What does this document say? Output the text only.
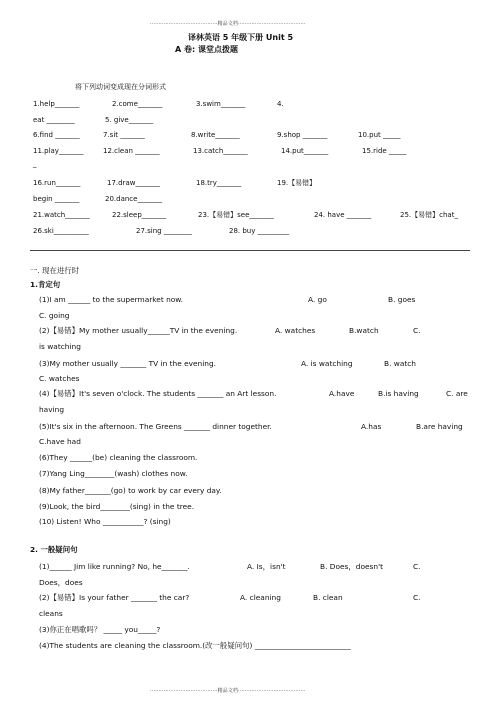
········································精品文档········································
········································精品文档········································
译林英语 5 年级下册 Unit 5
A 卷: 课堂点拨题
将下列动词变成现在分词形式
1.help_______	2.come_______	3.swim_______	4.
eat ________	5. give_______
6.find _______	7.sit _______	8.write_______	9.shop _______	10.put _____
11.play_______	12.clean _______	13.catch_______	14.put_______	15.ride _____
_
16.run_______	17.draw_______	18.try_______	19.【易错】
begin _______	20.dance_______
21.watch_______	22.sleep_______	23.【易错】see_______	24. have _______	25.【易错】chat_
26.ski__________	27.sing ________	28. buy _________
一. 现在进行时
1.肯定句
(1)I am ______ to the supermarket now.	A. go	B. goes
C. going
(2)【易错】My mother usually______TV in the evening.	A. watches	B.watch	C.
is watching
(3)My mother usually _______ TV in the evening.	A. is watching	B. watch
C. watches
(4)【易错】It's seven o'clock. The students _______ an Art lesson.	A.have	B.is having	C. are
having
(5)It's six in the afternoon. The Greens _______ dinner together.	A.has	B.are having
C.have had
(6)They ______(be) cleaning the classroom.
(7)Yang Ling________(wash) clothes now.
(8)My father_______(go) to work by car every day.
(9)Look, the bird________(sing) in the tree.
(10) Listen! Who ___________? (sing)
2. 一般疑问句
(1)______ Jim like running? No, he_______.	A. Is，isn't	B. Does，doesn't	C.
Does，does
(2)【易错】Is your father _______ the car?	A. cleaning	B. clean	C.
cleans
(3)你正在唱歌吗？ _____ you_____?
(4)The students are cleaning the classroom.(改一般疑问句) __________________________
